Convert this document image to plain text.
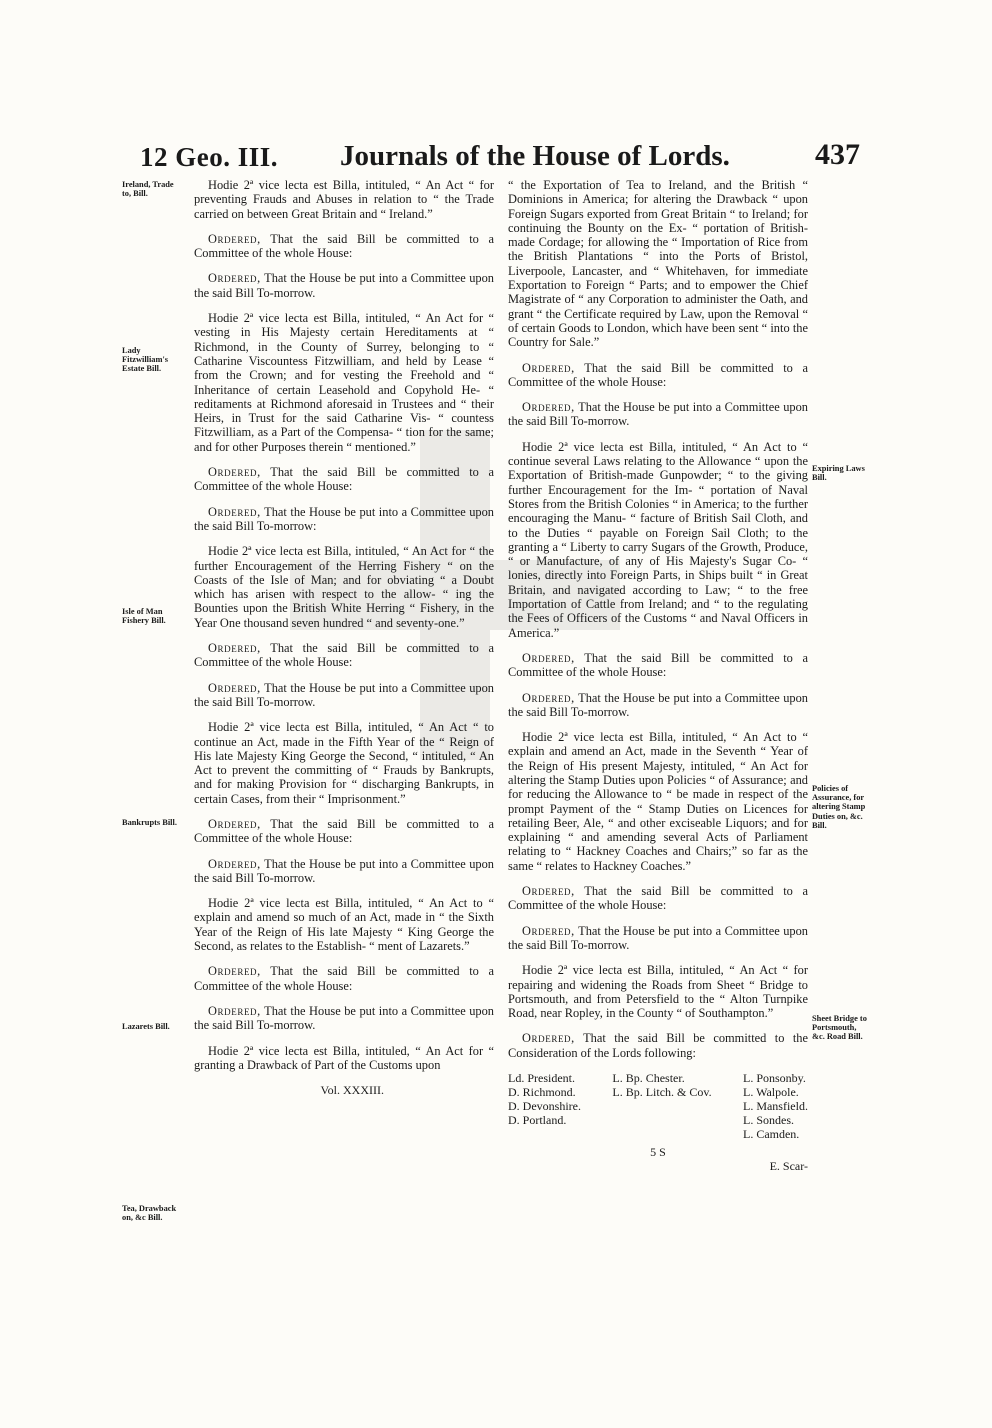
12 Geo. III. Journals of the House of Lords.	437
Ireland, Trade to, Bill.
Lady Fitzwilliam's Estate Bill.
Isle of Man Fishery Bill.
Bankrupts Bill.
Lazarets Bill.
Tea, Drawback on, &c Bill.
Expiring Laws Bill.
Policies of Assurance, for altering Stamp Duties on, &c. Bill.
Sheet Bridge to Portsmouth, &c. Road Bill.

Hodie 2ª vice lecta est Billa, intituled, “ An Act “ for preventing Frauds and Abuses in relation to “ the Trade carried on between Great Britain and “ Ireland.”

Ordered, That the said Bill be committed to a Committee of the whole House:

Ordered, That the House be put into a Committee upon the said Bill To-morrow.

Hodie 2ª vice lecta est Billa, intituled, “ An Act for “ vesting in His Majesty certain Hereditaments at “ Richmond, in the County of Surrey, belonging to “ Catharine Viscountess Fitzwilliam, and held by Lease “ from the Crown; and for vesting the Freehold and “ Inheritance of certain Leasehold and Copyhold He- “ reditaments at Richmond aforesaid in Trustees and “ their Heirs, in Trust for the said Catharine Vis- “ countess Fitzwilliam, as a Part of the Compensa- “ tion for the same; and for other Purposes therein “ mentioned.”

Ordered, That the said Bill be committed to a Committee of the whole House:

Ordered, That the House be put into a Committee upon the said Bill To-morrow:

Hodie 2ª vice lecta est Billa, intituled, “ An Act for “ the further Encouragement of the Herring Fishery “ on the Coasts of the Isle of Man; and for obviating “ a Doubt which has arisen with respect to the allow- “ ing the Bounties upon the British White Herring “ Fishery, in the Year One thousand seven hundred “ and seventy-one.”

Ordered, That the said Bill be committed to a Committee of the whole House:

Ordered, That the House be put into a Committee upon the said Bill To-morrow.

Hodie 2ª vice lecta est Billa, intituled, “ An Act “ to continue an Act, made in the Fifth Year of the “ Reign of His late Majesty King George the Second, “ intituled, “ An Act to prevent the committing of “ Frauds by Bankrupts, and for making Provision for “ discharging Bankrupts, in certain Cases, from their “ Imprisonment.”

Ordered, That the said Bill be committed to a Committee of the whole House:

Ordered, That the House be put into a Committee upon the said Bill To-morrow.

Hodie 2ª vice lecta est Billa, intituled, “ An Act to “ explain and amend so much of an Act, made in “ the Sixth Year of the Reign of His late Majesty “ King George the Second, as relates to the Establish- “ ment of Lazarets.”

Ordered, That the said Bill be committed to a Committee of the whole House:

Ordered, That the House be put into a Committee upon the said Bill To-morrow.

Hodie 2ª vice lecta est Billa, intituled, “ An Act for “ granting a Drawback of Part of the Customs upon

Vol. XXXIII.

“ the Exportation of Tea to Ireland, and the British “ Dominions in America; for altering the Drawback “ upon Foreign Sugars exported from Great Britain “ to Ireland; for continuing the Bounty on the Ex- “ portation of British-made Cordage; for allowing the “ Importation of Rice from the British Plantations “ into the Ports of Bristol, Liverpoole, Lancaster, and “ Whitehaven, for immediate Exportation to Foreign “ Parts; and to empower the Chief Magistrate of “ any Corporation to administer the Oath, and grant “ the Certificate required by Law, upon the Removal “ of certain Goods to London, which have been sent “ into the Country for Sale.”

Ordered, That the said Bill be committed to a Committee of the whole House:

Ordered, That the House be put into a Committee upon the said Bill To-morrow.

Hodie 2ª vice lecta est Billa, intituled, “ An Act to “ continue several Laws relating to the Allowance “ upon the Exportation of British-made Gunpowder; “ to the giving further Encouragement for the Im- “ portation of Naval Stores from the British Colonies “ in America; to the further encouraging the Manu- “ facture of British Sail Cloth, and to the Duties “ payable on Foreign Sail Cloth; to the granting a “ Liberty to carry Sugars of the Growth, Produce, “ or Manufacture, of any of His Majesty's Sugar Co- “ lonies, directly into Foreign Parts, in Ships built “ in Great Britain, and navigated according to Law; “ to the free Importation of Cattle from Ireland; and “ to the regulating the Fees of Officers of the Customs “ and Naval Officers in America.”

Ordered, That the said Bill be committed to a Committee of the whole House:

Ordered, That the House be put into a Committee upon the said Bill To-morrow.

Hodie 2ª vice lecta est Billa, intituled, “ An Act to “ explain and amend an Act, made in the Seventh “ Year of the Reign of His present Majesty, intituled, “ An Act for altering the Stamp Duties upon Policies “ of Assurance; and for reducing the Allowance to “ be made in respect of the prompt Payment of the “ Stamp Duties on Licences for retailing Beer, Ale, “ and other exciseable Liquors; and for explaining “ and amending several Acts of Parliament relating to “ Hackney Coaches and Chairs;” so far as the same “ relates to Hackney Coaches.”

Ordered, That the said Bill be committed to a Committee of the whole House:

Ordered, That the House be put into a Committee upon the said Bill To-morrow.

Hodie 2ª vice lecta est Billa, intituled, “ An Act “ for repairing and widening the Roads from Sheet “ Bridge to Portsmouth, and from Petersfield to the “ Alton Turnpike Road, near Ropley, in the County “ of Southampton.”

Ordered, That the said Bill be committed to the Consideration of the Lords following:

Ld. President.
D. Richmond.
D. Devonshire.
D. Portland.
L. Bp. Chester.
L. Bp. Litch. & Cov.
L. Ponsonby.
L. Walpole.
L. Mansfield.
L. Sondes.
L. Camden.
5 S
E. Scar-
